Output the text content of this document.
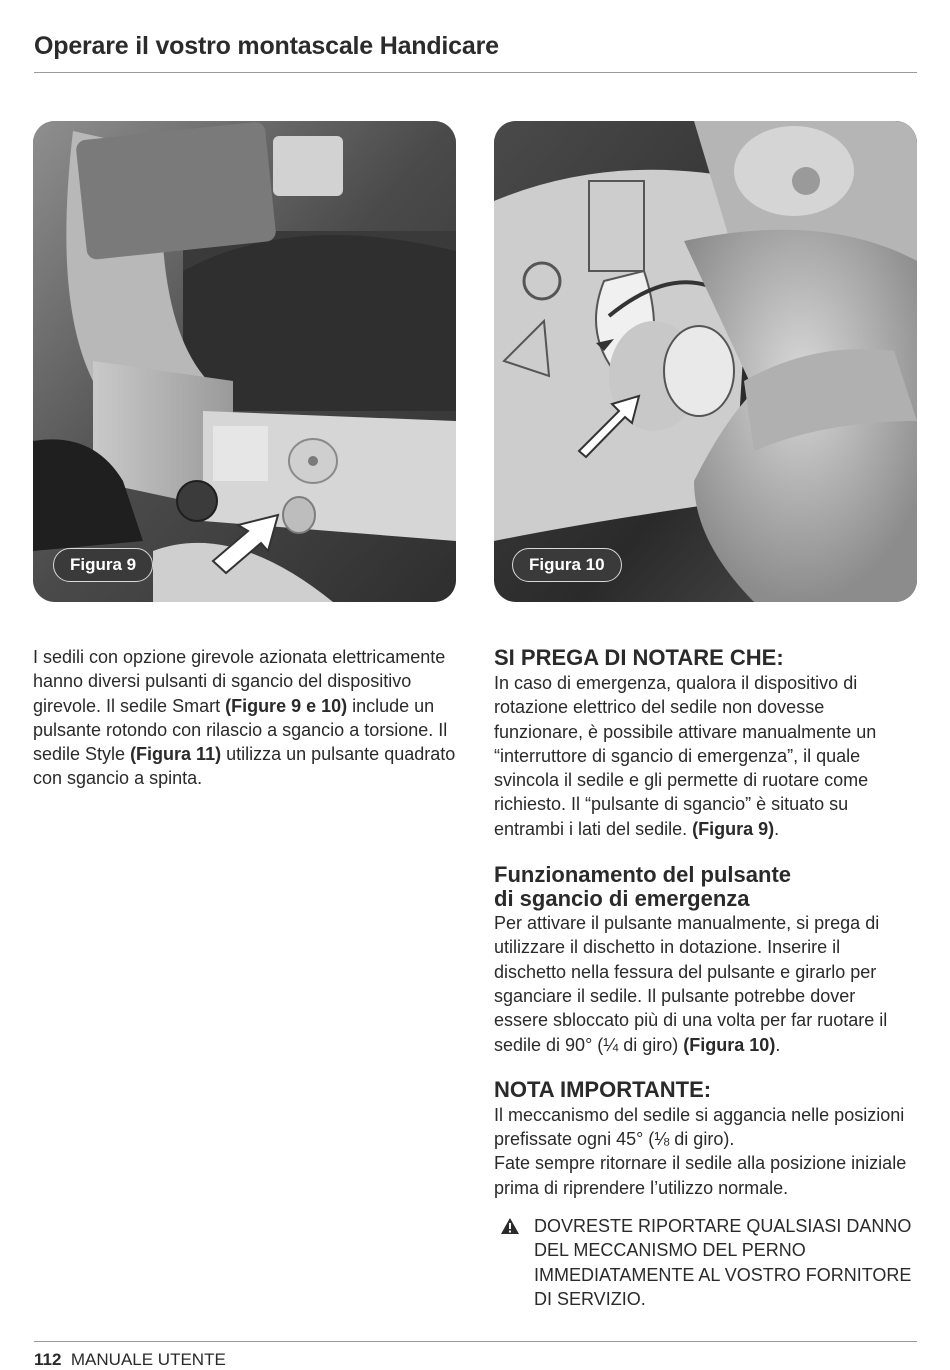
Operare il vostro montascale Handicare
Figura 9	Figura 10

I sedili con opzione girevole azionata elettricamente hanno diversi pulsanti di sgancio del dispositivo girevole. Il sedile Smart (Figure 9 e 10) include un pulsante rotondo con rilascio a sgancio a torsione. Il sedile Style (Figura 11) utilizza un pulsante quadrato con sgancio a spinta.

SI PREGA DI NOTARE CHE:

In caso di emergenza, qualora il dispositivo di rotazione elettrico del sedile non dovesse funzionare, è possibile attivare manualmente un “interruttore di sgancio di emergenza”, il quale svincola il sedile e gli permette di ruotare come richiesto. Il “pulsante di sgancio” è situato su entrambi i lati del sedile. (Figura 9).

Funzionamento del pulsante
di sgancio di emergenza

Per attivare il pulsante manualmente, si prega di utilizzare il dischetto in dotazione. Inserire il dischetto nella fessura del pulsante e girarlo per sganciare il sedile. Il pulsante potrebbe dover essere sbloccato più di una volta per far ruotare il sedile di 90° (¼ di giro) (Figura 10).

NOTA IMPORTANTE:

Il meccanismo del sedile si aggancia nelle posizioni prefissate ogni 45° (⅛ di giro).

Fate sempre ritornare il sedile alla posizione iniziale prima di riprendere l’utilizzo normale.

DOVRESTE RIPORTARE QUALSIASI DANNO DEL MECCANISMO DEL PERNO IMMEDIATAMENTE AL VOSTRO FORNITORE DI SERVIZIO.

112 MANUALE UTENTE
